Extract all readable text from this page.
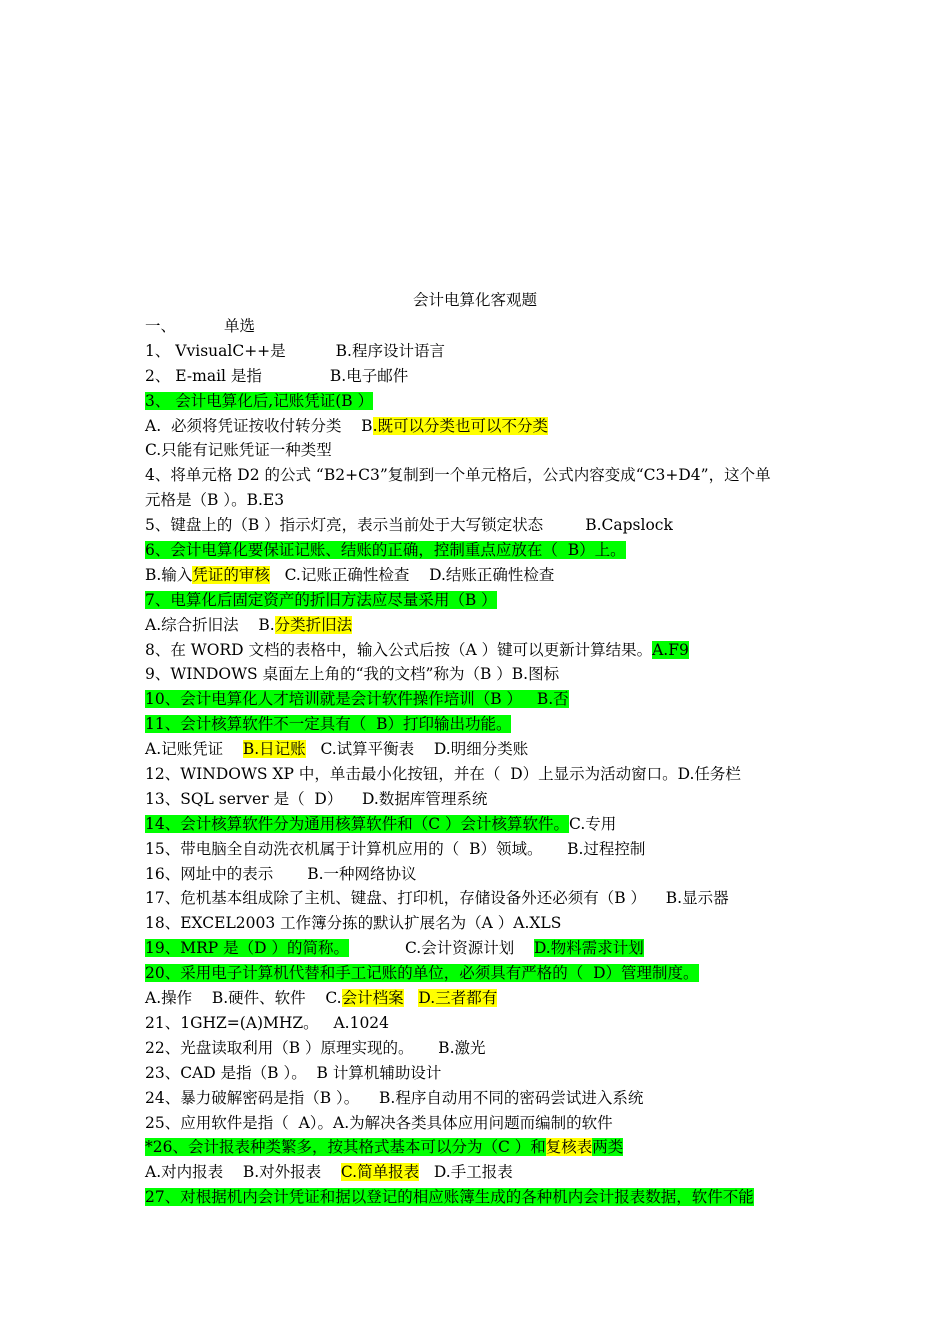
会计电算化客观题
一、	单选
1、 VvisualC++是	B.程序设计语言
2、 E-mail 是指	B.电子邮件
3、 会计电算化后,记账凭证(B ）
A.  必须将凭证按收付转分类    B.既可以分类也可以不分类
C.只能有记账凭证一种类型
4、将单元格 D2 的公式 “B2+C3”复制到一个单元格后，公式内容变成“C3+D4”，这个单
元格是（B ）。B.E3
5、键盘上的（B ）指示灯亮，表示当前处于大写锁定状态	B.Capslock
6、会计电算化要保证记账、结账的正确，控制重点应放在（  B）上。
B.输入凭证的审核   C.记账正确性检查    D.结账正确性检查
7、电算化后固定资产的折旧方法应尽量采用（B ）
A.综合折旧法    B.分类折旧法
8、在 WORD 文档的表格中，输入公式后按（A ）键可以更新计算结果。A.F9
9、WINDOWS 桌面左上角的“我的文档”称为（B ）B.图标
10、会计电算化人才培训就是会计软件操作培训（B ）   B.否
11、会计核算软件不一定具有（  B）打印输出功能。
A.记账凭证    B.日记账   C.试算平衡表    D.明细分类账
12、WINDOWS XP 中，单击最小化按钮，并在（  D）上显示为活动窗口。D.任务栏
13、SQL server 是（  D）    D.数据库管理系统
14、会计核算软件分为通用核算软件和（C ）会计核算软件。C.专用
15、带电脑全自动洗衣机属于计算机应用的（  B）领域。     B.过程控制
16、网址中的表示 B.一种网络协议
17、危机基本组成除了主机、键盘、打印机，存储设备外还必须有（B ）    B.显示器
18、EXCEL2003 工作簿分拣的默认扩展名为（A ）A.XLS
19、MRP 是（D ）的简称。	C.会计资源计划    D.物料需求计划
20、采用电子计算机代替和手工记账的单位，必须具有严格的（  D）管理制度。
A.操作    B.硬件、软件    C.会计档案 D.三者都有
21、1GHZ=(A)MHZ。   A.1024
22、光盘读取利用（B ）原理实现的。     B.激光
23、CAD 是指（B ）。  B 计算机辅助设计
24、暴力破解密码是指（B ）。    B.程序自动用不同的密码尝试进入系统
25、应用软件是指（  A）。A.为解决各类具体应用问题而编制的软件
*26、会计报表种类繁多，按其格式基本可以分为（C ）和复核表两类
A.对内报表    B.对外报表    C.简单报表   D.手工报表
27、对根据机内会计凭证和据以登记的相应账簿生成的各种机内会计报表数据，软件不能
